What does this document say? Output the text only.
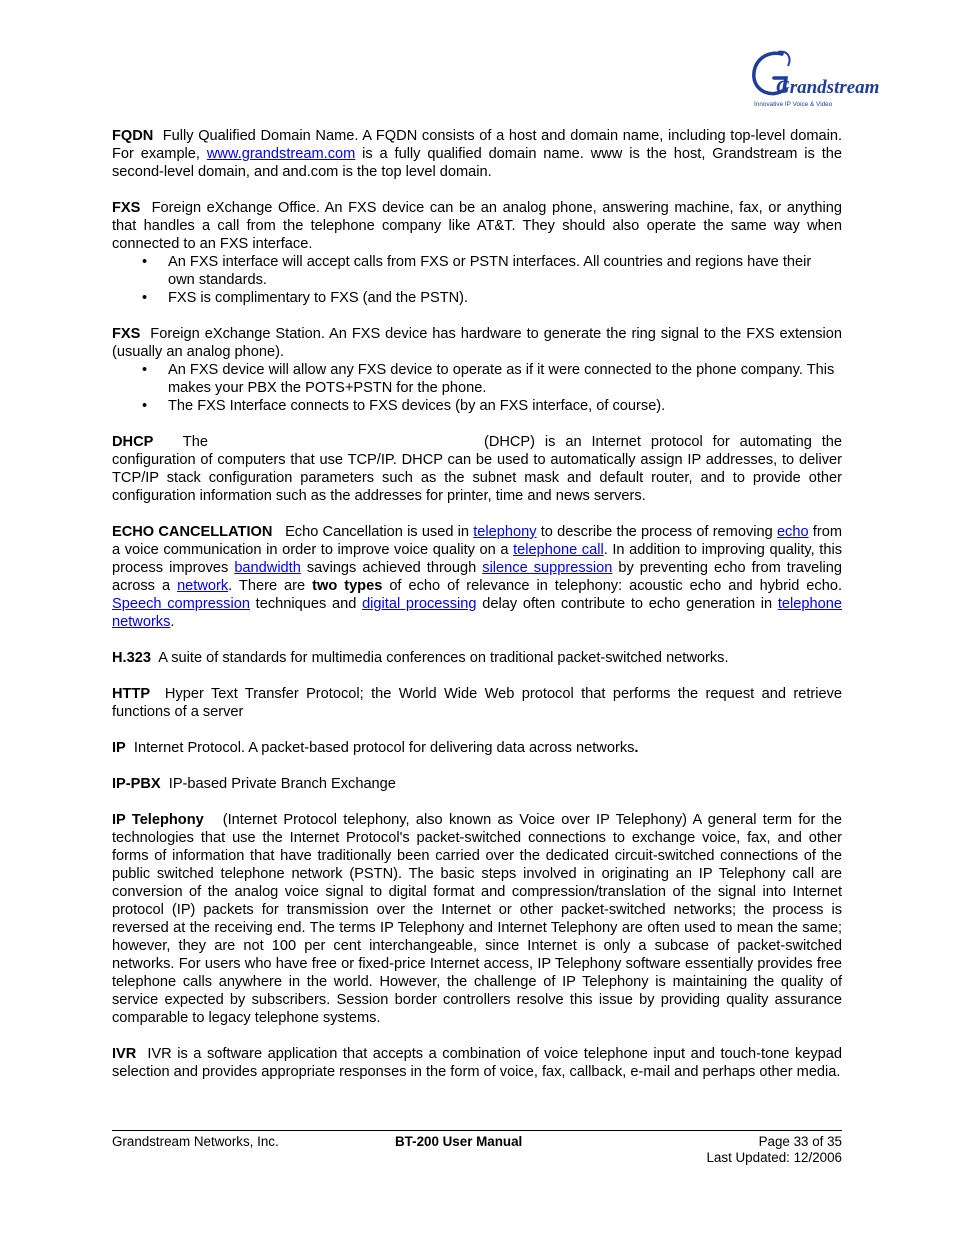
Grandstream
Innovative IP Voice & Video

FQDN Fully Qualified Domain Name. A FQDN consists of a host and domain name, including top-level domain. For example, www.grandstream.com is a fully qualified domain name. www is the host, Grandstream is the second-level domain, and and.com is the top level domain.

FXS Foreign eXchange Office. An FXS device can be an analog phone, answering machine, fax, or anything that handles a call from the telephone company like AT&T. They should also operate the same way when connected to an FXS interface.

• An FXS interface will accept calls from FXS or PSTN interfaces. All countries and regions have their own standards.
• FXS is complimentary to FXS (and the PSTN).

FXS Foreign eXchange Station. An FXS device has hardware to generate the ring signal to the FXS extension (usually an analog phone).

• An FXS device will allow any FXS device to operate as if it were connected to the phone company. This makes your PBX the POTS+PSTN for the phone.
• The FXS Interface connects to FXS devices (by an FXS interface, of course).

DHCP The	(DHCP) is an Internet protocol for automating the configuration of computers that use TCP/IP. DHCP can be used to automatically assign IP addresses, to deliver TCP/IP stack configuration parameters such as the subnet mask and default router, and to provide other configuration information such as the addresses for printer, time and news servers.

ECHO CANCELLATION Echo Cancellation is used in telephony to describe the process of removing echo from a voice communication in order to improve voice quality on a telephone call. In addition to improving quality, this process improves bandwidth savings achieved through silence suppression by preventing echo from traveling across a network. There are two types of echo of relevance in telephony: acoustic echo and hybrid echo. Speech compression techniques and digital processing delay often contribute to echo generation in telephone networks.

H.323 A suite of standards for multimedia conferences on traditional packet-switched networks.

HTTP Hyper Text Transfer Protocol; the World Wide Web protocol that performs the request and retrieve functions of a server

IP Internet Protocol. A packet-based protocol for delivering data across networks.

IP-PBX IP-based Private Branch Exchange

IP Telephony (Internet Protocol telephony, also known as Voice over IP Telephony) A general term for the technologies that use the Internet Protocol's packet-switched connections to exchange voice, fax, and other forms of information that have traditionally been carried over the dedicated circuit-switched connections of the public switched telephone network (PSTN). The basic steps involved in originating an IP Telephony call are conversion of the analog voice signal to digital format and compression/translation of the signal into Internet protocol (IP) packets for transmission over the Internet or other packet-switched networks; the process is reversed at the receiving end. The terms IP Telephony and Internet Telephony are often used to mean the same; however, they are not 100 per cent interchangeable, since Internet is only a subcase of packet-switched networks. For users who have free or fixed-price Internet access, IP Telephony software essentially provides free telephone calls anywhere in the world. However, the challenge of IP Telephony is maintaining the quality of service expected by subscribers. Session border controllers resolve this issue by providing quality assurance comparable to legacy telephone systems.

IVR IVR is a software application that accepts a combination of voice telephone input and touch-tone keypad selection and provides appropriate responses in the form of voice, fax, callback, e-mail and perhaps other media.

Grandstream Networks, Inc.	BT-200 User Manual	Page 33 of 35
Last Updated: 12/2006
